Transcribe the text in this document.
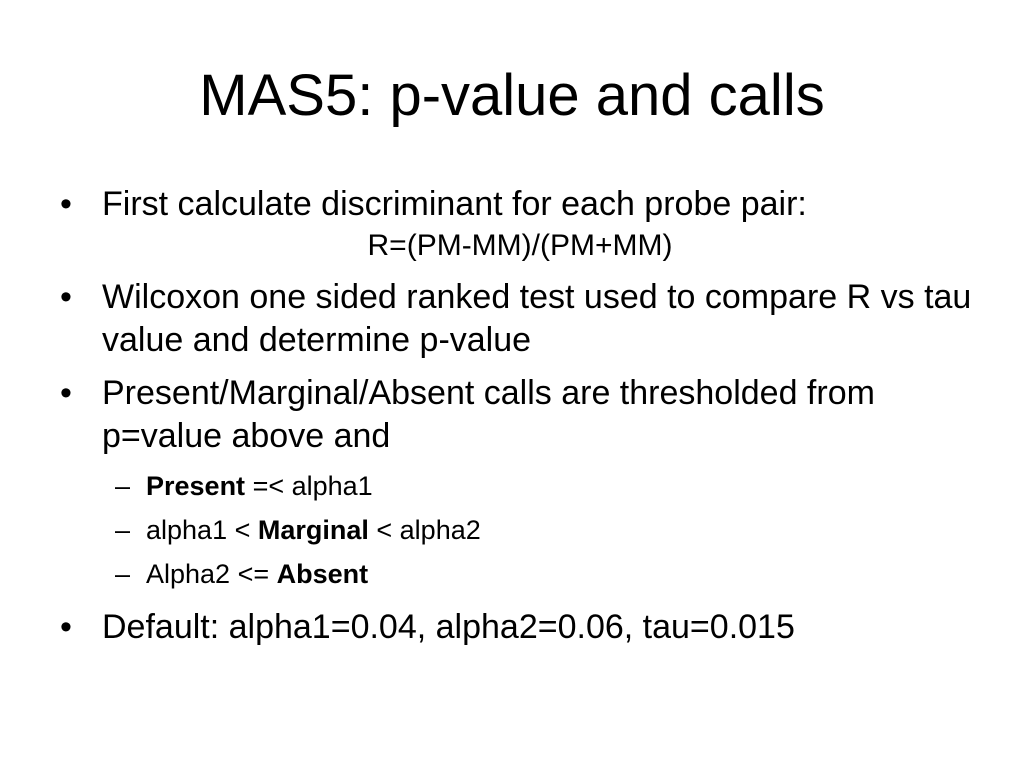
MAS5: p-value and calls
• First calculate discriminant for each probe pair:
R=(PM-MM)/(PM+MM)
• Wilcoxon one sided ranked test used to compare R vs tau value and determine p-value
• Present/Marginal/Absent calls are thresholded from p=value above and
– Present =< alpha1
– alpha1 < Marginal < alpha2
– Alpha2 <= Absent
• Default: alpha1=0.04, alpha2=0.06, tau=0.015
